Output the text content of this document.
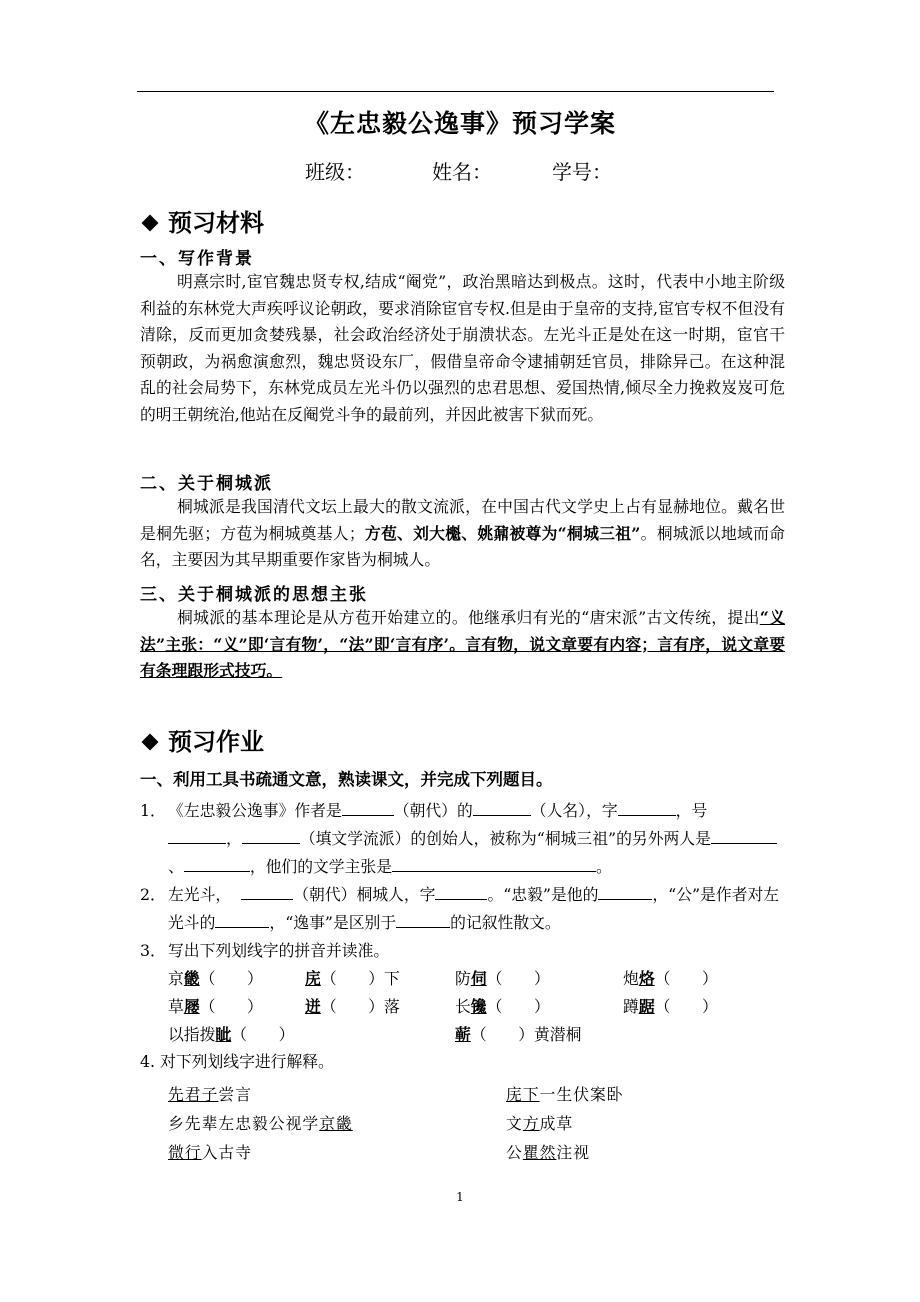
《左忠毅公逸事》预习学案
班级：	姓名：	学号：
预习材料
一、写作背景
明熹宗时,宦官魏忠贤专权,结成“阉党”，政治黑暗达到极点。这时，代表中小地主阶级利益的东林党大声疾呼议论朝政，要求消除宦官专权.但是由于皇帝的支持,宦官专权不但没有清除，反而更加贪婪残暴，社会政治经济处于崩溃状态。左光斗正是处在这一时期，宦官干预朝政，为祸愈演愈烈，魏忠贤设东厂，假借皇帝命令逮捕朝廷官员，排除异己。在这种混乱的社会局势下，东林党成员左光斗仍以强烈的忠君思想、爱国热情,倾尽全力挽救岌岌可危的明王朝统治,他站在反阉党斗争的最前列，并因此被害下狱而死。
二、关于桐城派
桐城派是我国清代文坛上最大的散文流派，在中国古代文学史上占有显赫地位。戴名世是桐先驱；方苞为桐城奠基人；方苞、刘大櫆、姚鼐被尊为“桐城三祖”。桐城派以地域而命名，主要因为其早期重要作家皆为桐城人。
三、关于桐城派的思想主张
桐城派的基本理论是从方苞开始建立的。他继承归有光的“唐宋派”古文传统，提出“义法”主张：“义”即‘言有物’，“法”即‘言有序’。言有物，说文章要有内容；言有序，说文章要有条理跟形式技巧。
预习作业
一、利用工具书疏通文意，熟读课文，并完成下列题目。
1． 《左忠毅公逸事》作者是	（朝代）的	（人名），字	，号
，	（填文学流派）的创始人，被称为“桐城三祖”的另外两人是、	，他们的文学主张是	。
2． 左光斗，	（朝代）桐城人，字	。“忠毅”是他的	，“公”是作者对左光斗的	，“逸事”是区别于	的记叙性散文。
3． 写出下列划线字的拼音并读准。
京畿（　　）	庑（　　）下	防伺（　　）	炮烙（　　）
草屦（　　）	迸（　　）落	长镵（　　）	蹲踞（　　）
以指拨眦（　　）	蕲（　　）黄潜桐
4. 对下列划线字进行解释。
先君子尝言	庑下一生伏案卧
乡先辈左忠毅公视学京畿	文方成草
微行入古寺	公瞿然注视
1
